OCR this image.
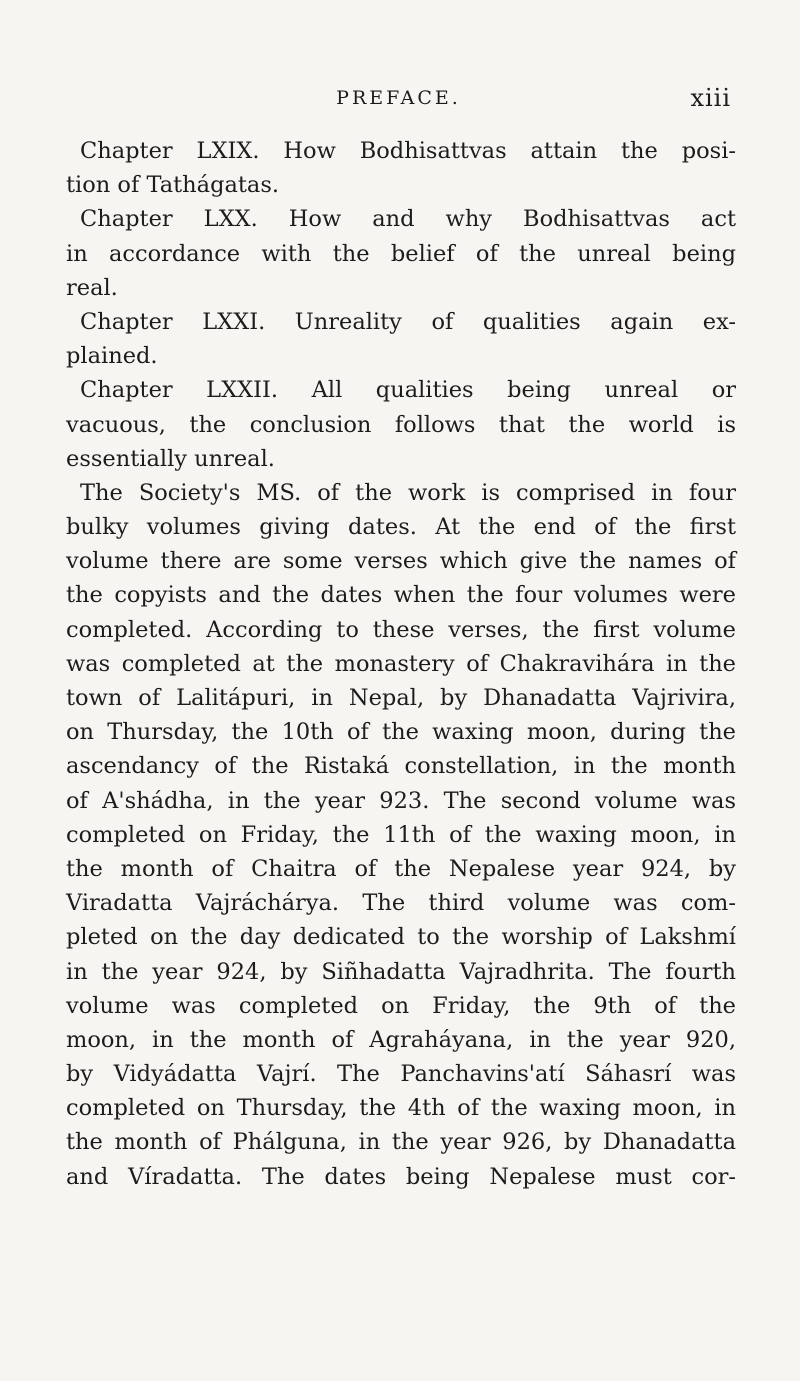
PREFACE.	xiii
Chapter LXIX. How Bodhisattvas attain the posi-
tion of Tathágatas.
Chapter LXX. How and why Bodhisattvas act
in accordance with the belief of the unreal being
real.
Chapter LXXI. Unreality of qualities again ex-
plained.
Chapter LXXII. All qualities being unreal or
vacuous, the conclusion follows that the world is
essentially unreal.
The Society's MS. of the work is comprised in four
bulky volumes giving dates. At the end of the first
volume there are some verses which give the names of
the copyists and the dates when the four volumes were
completed. According to these verses, the first volume
was completed at the monastery of Chakravihára in the
town of Lalitápuri, in Nepal, by Dhanadatta Vajrivira,
on Thursday, the 10th of the waxing moon, during the
ascendancy of the Ristaká constellation, in the month
of A'shádha, in the year 923. The second volume was
completed on Friday, the 11th of the waxing moon, in
the month of Chaitra of the Nepalese year 924, by
Viradatta Vajráchárya. The third volume was com-
pleted on the day dedicated to the worship of Lakshmí
in the year 924, by Siñhadatta Vajradhrita. The fourth
volume was completed on Friday, the 9th of the
moon, in the month of Agraháyana, in the year 920,
by Vidyádatta Vajrí. The Panchavins'atí Sáhasrí was
completed on Thursday, the 4th of the waxing moon, in
the month of Phálguna, in the year 926, by Dhanadatta
and Víradatta. The dates being Nepalese must cor-
